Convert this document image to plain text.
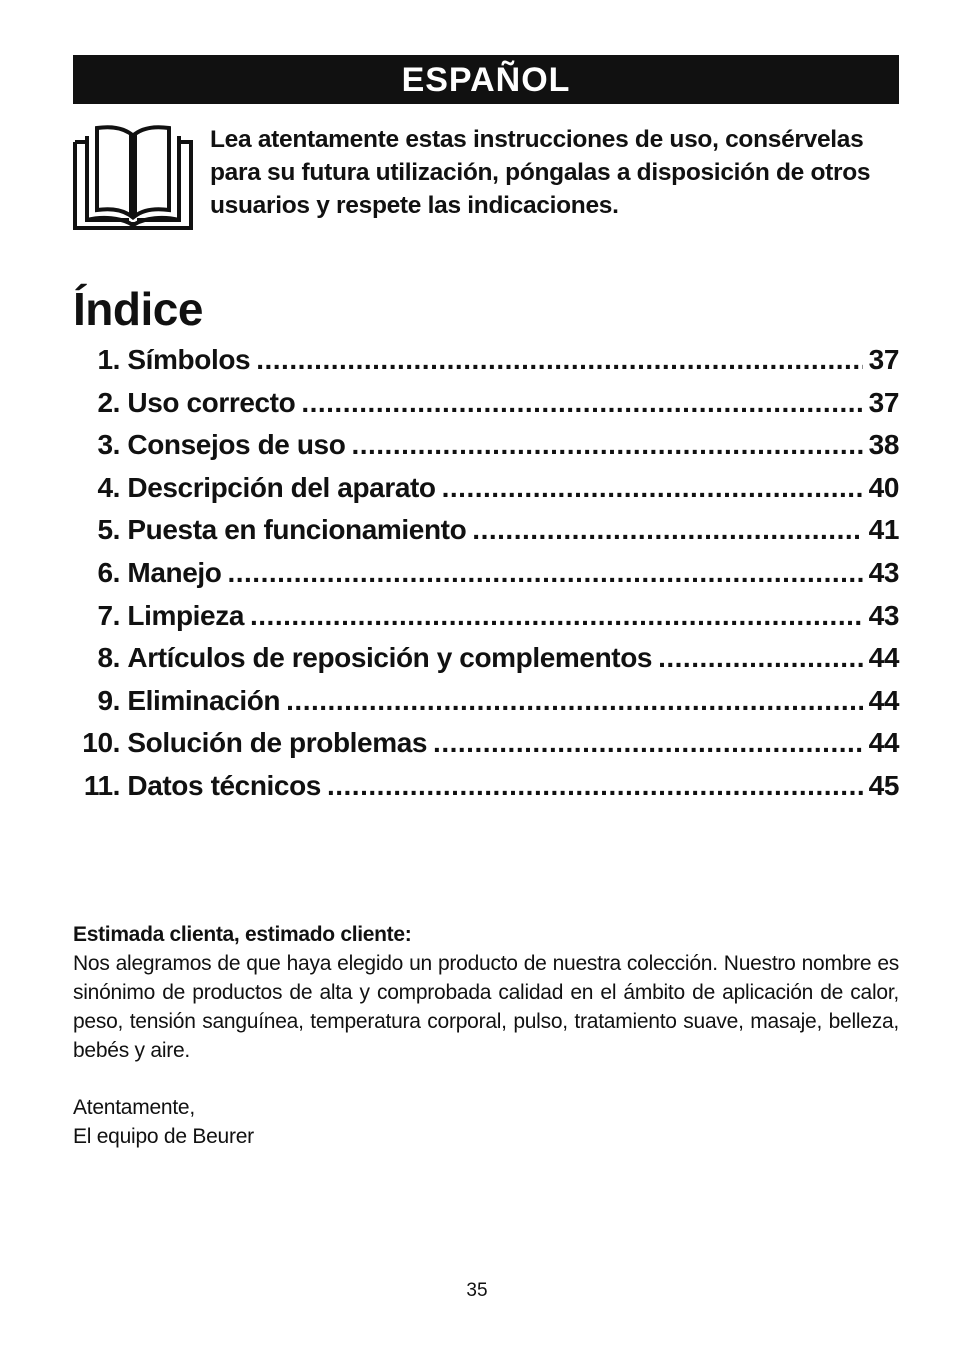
ESPAÑOL
Lea atentamente estas instrucciones de uso, consérvelas para su futura utilización, póngalas a disposición de otros usuarios y respete las indicaciones.
Índice
1.
Símbolos .....	37
2.
Uso correcto .....	37
3.
Consejos de uso .....	38
4.
Descripción del aparato .....	40
5.
Puesta en funcionamiento .....	41
6.
Manejo .....	43
7.
Limpieza .....	43
8.
Artículos de reposición y complementos .....	44
9.
Eliminación .....	44
10.
Solución de problemas .....	44
11.
Datos técnicos .....	45
Estimada clienta, estimado cliente:
Nos alegramos de que haya elegido un producto de nuestra colección. Nuestro nombre es sinónimo de productos de alta y comprobada calidad en el ámbito de aplicación de calor, peso, tensión sanguínea, temperatura corporal, pulso, tratamiento suave, masaje, belleza, bebés y aire.
Atentamente,
El equipo de Beurer
35
